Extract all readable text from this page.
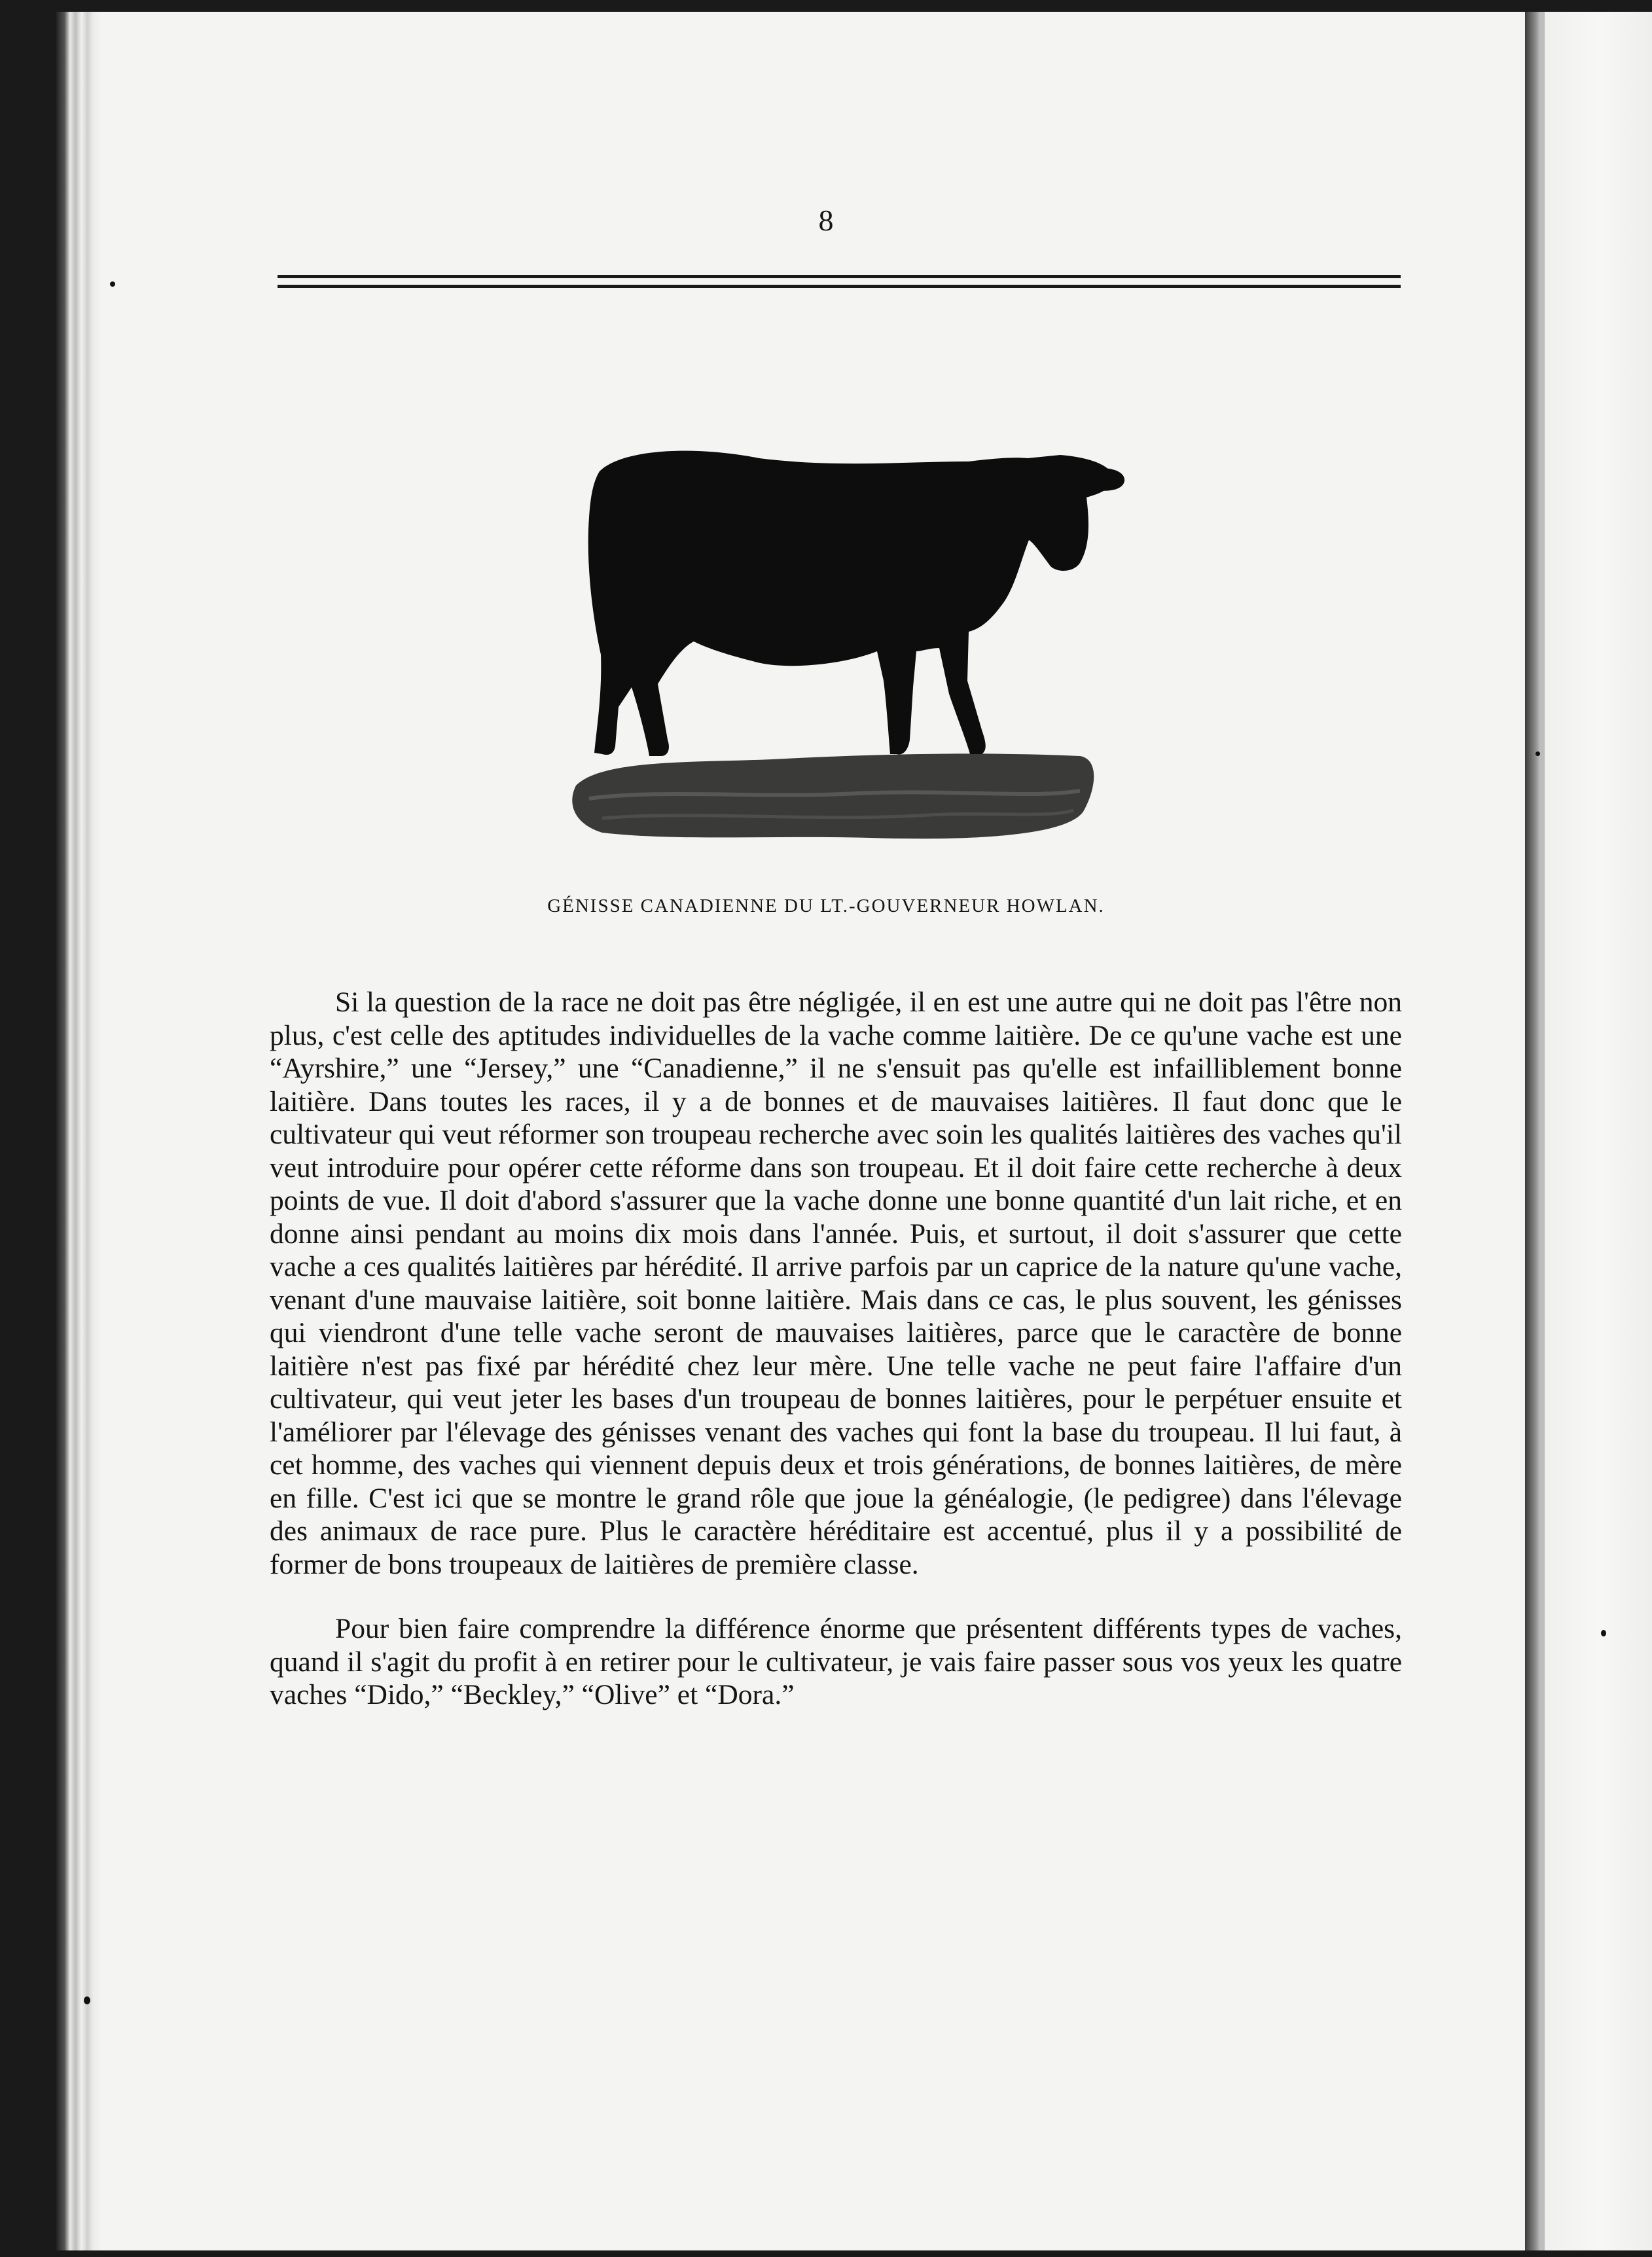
8
GÉNISSE CANADIENNE DU LT.-GOUVERNEUR HOWLAN.

Si la question de la race ne doit pas être négligée, il en est une autre qui ne doit pas l'être non plus, c'est celle des aptitudes individuelles de la vache comme laitière. De ce qu'une vache est une “Ayrshire,” une “Jersey,” une “Canadienne,” il ne s'ensuit pas qu'elle est infailliblement bonne laitière. Dans toutes les races, il y a de bonnes et de mauvaises laitières. Il faut donc que le cultivateur qui veut réformer son troupeau recherche avec soin les qualités laitières des vaches qu'il veut introduire pour opérer cette réforme dans son troupeau. Et il doit faire cette recherche à deux points de vue. Il doit d'abord s'assurer que la vache donne une bonne quantité d'un lait riche, et en donne ainsi pendant au moins dix mois dans l'année. Puis, et surtout, il doit s'assurer que cette vache a ces qualités laitières par hérédité. Il arrive parfois par un caprice de la nature qu'une vache, venant d'une mauvaise laitière, soit bonne laitière. Mais dans ce cas, le plus souvent, les génisses qui viendront d'une telle vache seront de mauvaises laitières, parce que le caractère de bonne laitière n'est pas fixé par hérédité chez leur mère. Une telle vache ne peut faire l'affaire d'un cultivateur, qui veut jeter les bases d'un troupeau de bonnes laitières, pour le perpétuer ensuite et l'améliorer par l'élevage des génisses venant des vaches qui font la base du troupeau. Il lui faut, à cet homme, des vaches qui viennent depuis deux et trois générations, de bonnes laitières, de mère en fille. C'est ici que se montre le grand rôle que joue la généalogie, (le pedigree) dans l'élevage des animaux de race pure. Plus le caractère héréditaire est accentué, plus il y a possibilité de former de bons troupeaux de laitières de première classe.

Pour bien faire comprendre la différence énorme que présentent différents types de vaches, quand il s'agit du profit à en retirer pour le cultivateur, je vais faire passer sous vos yeux les quatre vaches “Dido,” “Beckley,” “Olive” et “Dora.”
